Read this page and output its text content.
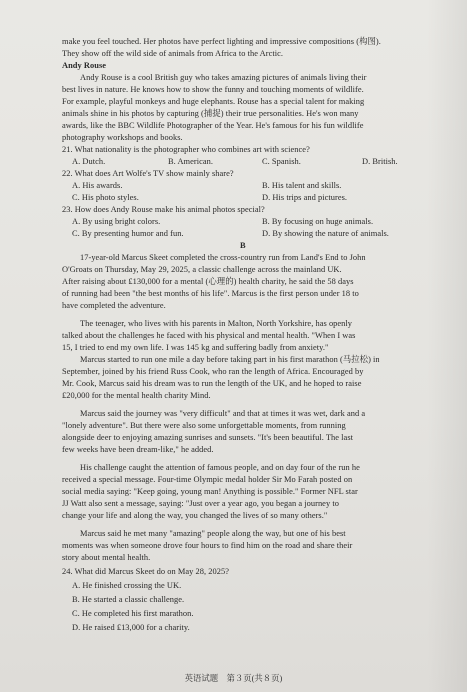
make you feel touched. Her photos have perfect lighting and impressive compositions (构图).
They show off the wild side of animals from Africa to the Arctic.
Andy Rouse
Andy Rouse is a cool British guy who takes amazing pictures of animals living their
best lives in nature. He knows how to show the funny and touching moments of wildlife.
For example, playful monkeys and huge elephants. Rouse has a special talent for making
animals shine in his photos by capturing (捕捉) their true personalities. He's won many
awards, like the BBC Wildlife Photographer of the Year. He's famous for his fun wildlife
photography workshops and books.
21. What nationality is the photographer who combines art with science?
A. Dutch.	B. American.	C. Spanish.	D. British.
22. What does Art Wolfe's TV show mainly share?
A. His awards.	B. His talent and skills.
C. His photo styles.	D. His trips and pictures.
23. How does Andy Rouse make his animal photos special?
A. By using bright colors.	B. By focusing on huge animals.
C. By presenting humor and fun.	D. By showing the nature of animals.
B
17-year-old Marcus Skeet completed the cross-country run from Land's End to John
O'Groats on Thursday, May 29, 2025, a classic challenge across the mainland UK.
After raising about ₤130,000 for a mental (心理的) health charity, he said the 58 days
of running had been "the best months of his life". Marcus is the first person under 18 to
have completed the adventure.
The teenager, who lives with his parents in Malton, North Yorkshire, has openly
talked about the challenges he faced with his physical and mental health. "When I was
15, I tried to end my own life. I was 145 kg and suffering badly from anxiety."
Marcus started to run one mile a day before taking part in his first marathon (马拉松) in
September, joined by his friend Russ Cook, who ran the length of Africa. Encouraged by
Mr. Cook, Marcus said his dream was to run the length of the UK, and he hoped to raise
₤20,000 for the mental health charity Mind.
Marcus said the journey was "very difficult" and that at times it was wet, dark and a
"lonely adventure". But there were also some unforgettable moments, from running
alongside deer to enjoying amazing sunrises and sunsets. "It's been beautiful. The last
few weeks have been dream-like," he added.
His challenge caught the attention of famous people, and on day four of the run he
received a special message. Four-time Olympic medal holder Sir Mo Farah posted on
social media saying: "Keep going, young man! Anything is possible." Former NFL star
JJ Watt also sent a message, saying: "Just over a year ago, you began a journey to
change your life and along the way, you changed the lives of so many others."
Marcus said he met many "amazing" people along the way, but one of his best
moments was when someone drove four hours to find him on the road and share their
story about mental health.
24. What did Marcus Skeet do on May 28, 2025?
A. He finished crossing the UK.
B. He started a classic challenge.
C. He completed his first marathon.
D. He raised ₤13,000 for a charity.
英语试题　第３页(共８页)
